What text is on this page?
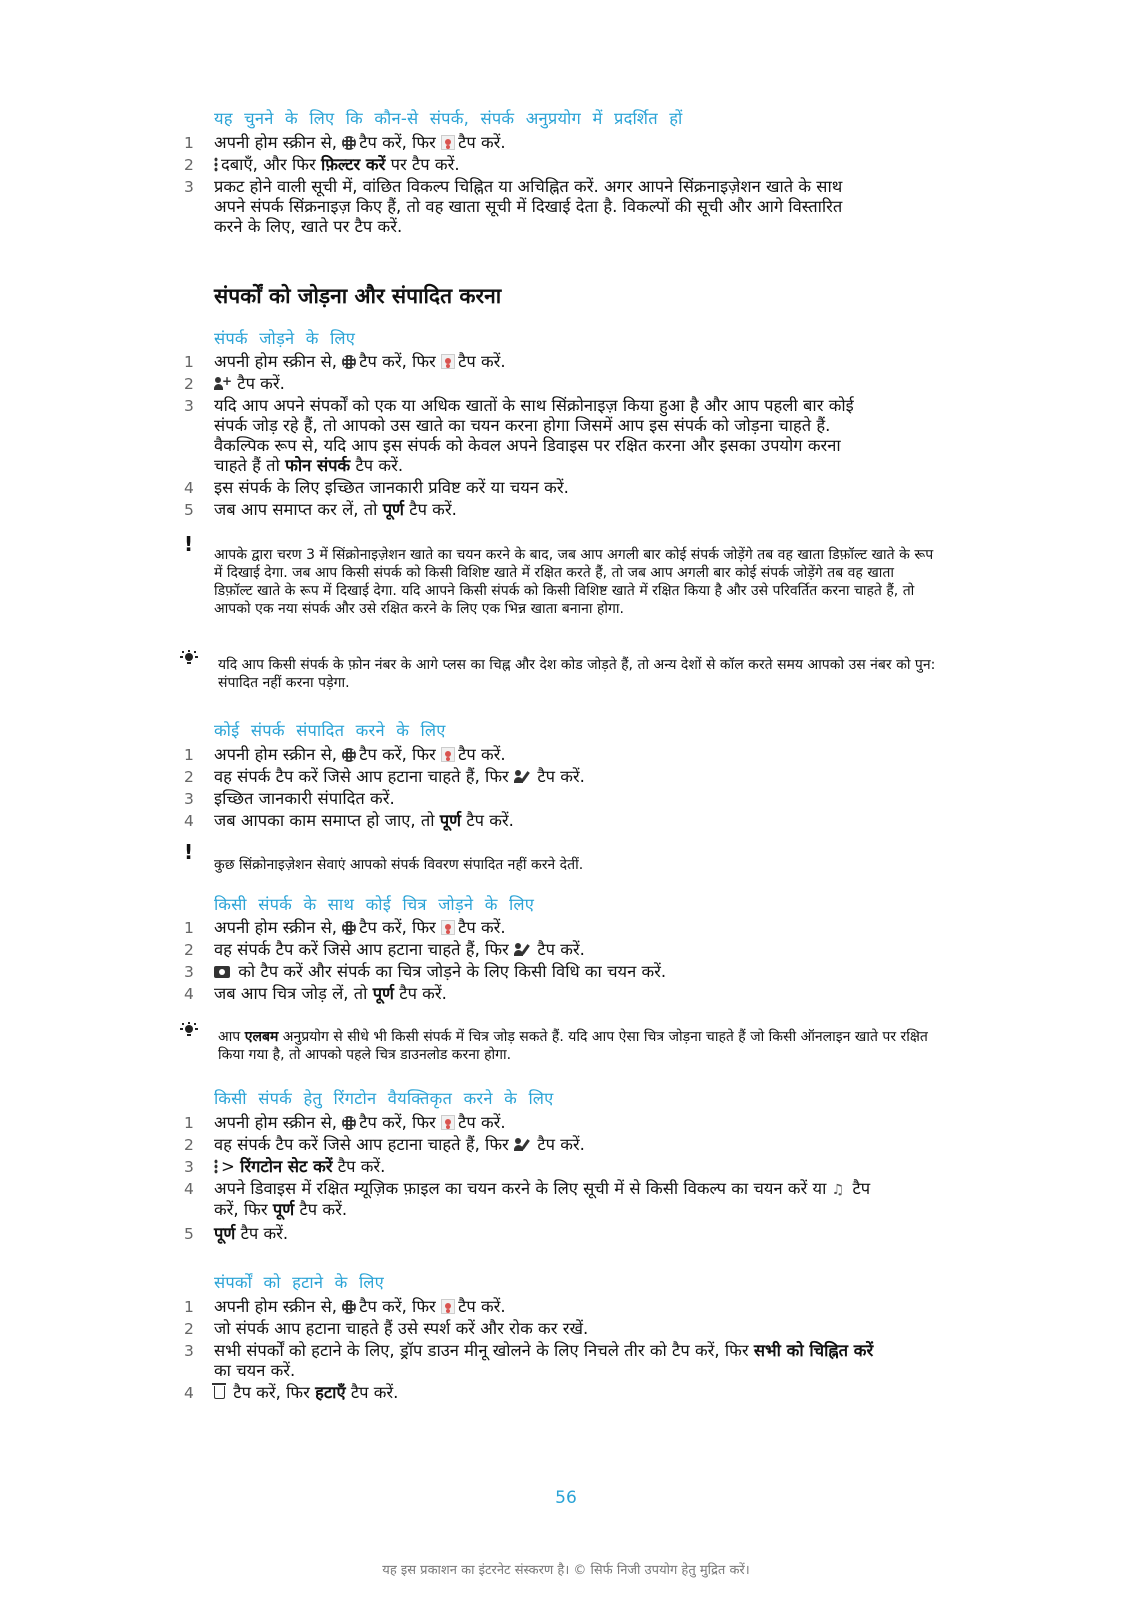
यह चुनने के लिए कि कौन-से संपर्क, संपर्क अनुप्रयोग में प्रदर्शित हों
1 अपनी होम स्क्रीन से, टैप करें, फिर टैप करें.
2	दबाएँ, और फिर फ़िल्टर करें पर टैप करें.
3 प्रकट होने वाली सूची में, वांछित विकल्प चिह्नित या अचिह्नित करें. अगर आपने सिंक्रनाइज़ेशन खाते के साथ अपने संपर्क सिंक्रनाइज़ किए हैं, तो वह खाता सूची में दिखाई देता है. विकल्पों की सूची और आगे विस्तारित करने के लिए, खाते पर टैप करें.
संपर्कों को जोड़ना और संपादित करना
संपर्क जोड़ने के लिए
1 अपनी होम स्क्रीन से, टैप करें, फिर टैप करें.
2
+	टैप करें.
3 यदि आप अपने संपर्कों को एक या अधिक खातों के साथ सिंक्रोनाइज़ किया हुआ है और आप पहली बार कोई संपर्क जोड़ रहे हैं, तो आपको उस खाते का चयन करना होगा जिसमें आप इस संपर्क को जोड़ना चाहते हैं. वैकल्पिक रूप से, यदि आप इस संपर्क को केवल अपने डिवाइस पर रक्षित करना और इसका उपयोग करना चाहते हैं तो फोन संपर्क टैप करें.
4 इस संपर्क के लिए इच्छित जानकारी प्रविष्ट करें या चयन करें.
5 जब आप समाप्त कर लें, तो पूर्ण टैप करें.
! आपके द्वारा चरण 3 में सिंक्रोनाइज़ेशन खाते का चयन करने के बाद, जब आप अगली बार कोई संपर्क जोड़ेंगे तब वह खाता डिफ़ॉल्ट खाते के रूप में दिखाई देगा. जब आप किसी संपर्क को किसी विशिष्ट खाते में रक्षित करते हैं, तो जब आप अगली बार कोई संपर्क जोड़ेंगे तब वह खाता डिफ़ॉल्ट खाते के रूप में दिखाई देगा. यदि आपने किसी संपर्क को किसी विशिष्ट खाते में रक्षित किया है और उसे परिवर्तित करना चाहते हैं, तो आपको एक नया संपर्क और उसे रक्षित करने के लिए एक भिन्न खाता बनाना होगा.
यदि आप किसी संपर्क के फ़ोन नंबर के आगे प्लस का चिह्न और देश कोड जोड़ते हैं, तो अन्य देशों से कॉल करते समय आपको उस नंबर को पुन: संपादित नहीं करना पड़ेगा.
कोई संपर्क संपादित करने के लिए
1 अपनी होम स्क्रीन से, टैप करें, फिर टैप करें.
2 वह संपर्क टैप करें जिसे आप हटाना चाहते हैं, फिर टैप करें.
3 इच्छित जानकारी संपादित करें.
4 जब आपका काम समाप्त हो जाए, तो पूर्ण टैप करें.
!
कुछ सिंक्रोनाइज़ेशन सेवाएं आपको संपर्क विवरण संपादित नहीं करने देतीं.
किसी संपर्क के साथ कोई चित्र जोड़ने के लिए
1 अपनी होम स्क्रीन से, टैप करें, फिर टैप करें.
2 वह संपर्क टैप करें जिसे आप हटाना चाहते हैं, फिर टैप करें.
3	को टैप करें और संपर्क का चित्र जोड़ने के लिए किसी विधि का चयन करें.
4 जब आप चित्र जोड़ लें, तो पूर्ण टैप करें.
आप एलबम अनुप्रयोग से सीधे भी किसी संपर्क में चित्र जोड़ सकते हैं. यदि आप ऐसा चित्र जोड़ना चाहते हैं जो किसी ऑनलाइन खाते पर रक्षित किया गया है, तो आपको पहले चित्र डाउनलोड करना होगा.
किसी संपर्क हेतु रिंगटोन वैयक्तिकृत करने के लिए
1 अपनी होम स्क्रीन से, टैप करें, फिर टैप करें.
2 वह संपर्क टैप करें जिसे आप हटाना चाहते हैं, फिर टैप करें.
3	> रिंगटोन सेट करें टैप करें.
4 अपने डिवाइस में रक्षित म्यूज़िक फ़ाइल का चयन करने के लिए सूची में से किसी विकल्प का चयन करें या ♫ टैप करें, फिर पूर्ण टैप करें.
5 पूर्ण टैप करें.
संपर्कों को हटाने के लिए
1 अपनी होम स्क्रीन से, टैप करें, फिर टैप करें.
2 जो संपर्क आप हटाना चाहते हैं उसे स्पर्श करें और रोक कर रखें.
3 सभी संपर्कों को हटाने के लिए, ड्रॉप डाउन मीनू खोलने के लिए निचले तीर को टैप करें, फिर सभी को चिह्नित करें का चयन करें.
4	टैप करें, फिर हटाएँ टैप करें.
56
यह इस प्रकाशन का इंटरनेट संस्करण है। © सिर्फ निजी उपयोग हेतु मुद्रित करें।
